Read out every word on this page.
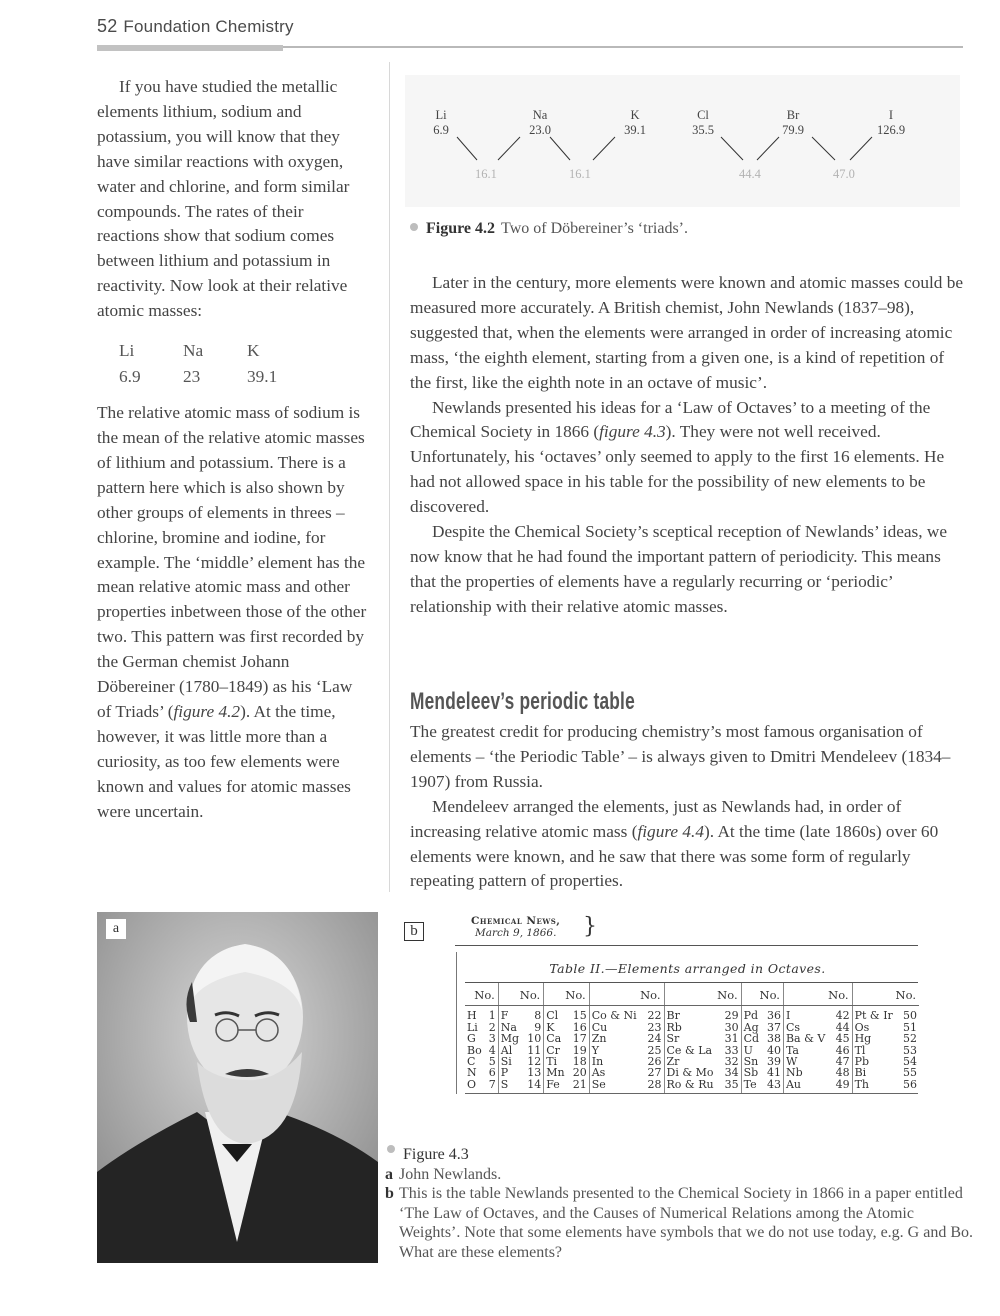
52 Foundation Chemistry

If you have studied the metallic elements lithium, sodium and potassium, you will know that they have similar reactions with oxygen, water and chlorine, and form similar compounds. The rates of their reactions show that sodium comes between lithium and potassium in reactivity. Now look at their relative atomic masses:

Li	Na	K
6.9	23	39.1

The relative atomic mass of sodium is the mean of the relative atomic masses of lithium and potassium. There is a pattern here which is also shown by other groups of elements in threes – chlorine, bromine and iodine, for example. The ‘middle’ element has the mean relative atomic mass and other properties inbetween those of the other two. This pattern was first recorded by the German chemist Johann Döbereiner (1780–1849) as his ‘Law of Triads’ (figure 4.2). At the time, however, it was little more than a curiosity, as too few elements were known and values for atomic masses were uncertain.

Li
6.9
Na
23.0
K
39.1
16.1	16.1
Cl
35.5
Br
79.9
I
126.9
44.4	47.0
Figure 4.2 Two of Döbereiner’s ‘triads’.

Later in the century, more elements were known and atomic masses could be measured more accurately. A British chemist, John Newlands (1837–98), suggested that, when the elements were arranged in order of increasing atomic mass, ‘the eighth element, starting from a given one, is a kind of repetition of the first, like the eighth note in an octave of music’.

Newlands presented his ideas for a ‘Law of Octaves’ to a meeting of the Chemical Society in 1866 (figure 4.3). They were not well received. Unfortunately, his ‘octaves’ only seemed to apply to the first 16 elements. He had not allowed space in his table for the possibility of new elements to be discovered.

Despite the Chemical Society’s sceptical reception of Newlands’ ideas, we now know that he had found the important pattern of periodicity. This means that the properties of elements have a regularly recurring or ‘periodic’ relationship with their relative atomic masses.

Mendeleev’s periodic table

The greatest credit for producing chemistry’s most famous organisation of elements – ‘the Periodic Table’ – is always given to Dmitri Mendeleev (1834–1907) from Russia.

Mendeleev arranged the elements, just as Newlands had, in order of increasing relative atomic mass (figure 4.4). At the time (late 1860s) over 60 elements were known, and he saw that there was some form of regularly repeating pattern of properties.

a	b
Chemical News,
March 9, 1866. }
Table II.—Elements arranged in Octaves.
No.		No.		No.		No.		No.		No.		No.		No.	
H	1	F	8	Cl	15	Co & Ni	22	Br	29	Pd	36	I	42	Pt & Ir	50
Li	2	Na	9	K	16	Cu	23	Rb	30	Ag	37	Cs	44	Os	51
G	3	Mg	10	Ca	17	Zn	24	Sr	31	Cd	38	Ba & V	45	Hg	52
Bo	4	Al	11	Cr	19	Y	25	Ce & La	33	U	40	Ta	46	Tl	53
C	5	Si	12	Ti	18	In	26	Zr	32	Sn	39	W	47	Pb	54
N	6	P	13	Mn	20	As	27	Di & Mo	34	Sb	41	Nb	48	Bi	55
O	7	S	14	Fe	21	Se	28	Ro & Ru	35	Te	43	Au	49	Th	56
Figure 4.3
a John Newlands.
b This is the table Newlands presented to the Chemical Society in 1866 in a paper entitled ‘The Law of Octaves, and the Causes of Numerical Relations among the Atomic Weights’. Note that some elements have symbols that we do not use today, e.g. G and Bo. What are these elements?
